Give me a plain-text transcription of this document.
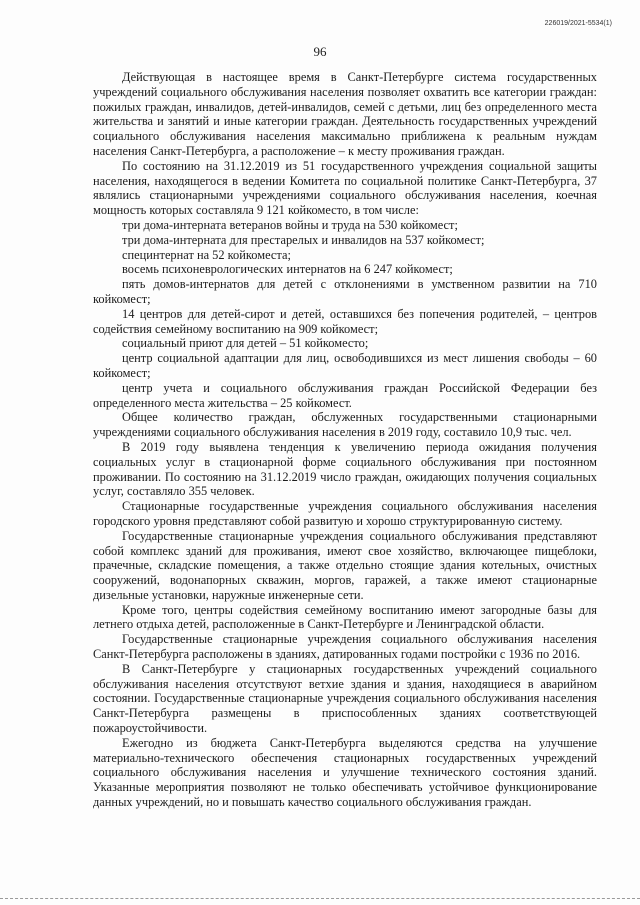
226019/2021-5534(1)
96

Действующая в настоящее время в Санкт-Петербурге система государственных учреждений социального обслуживания населения позволяет охватить все категории граждан: пожилых граждан, инвалидов, детей-инвалидов, семей с детьми, лиц без определенного места жительства и занятий и иные категории граждан. Деятельность государственных учреждений социального обслуживания населения максимально приближена к реальным нуждам населения Санкт-Петербурга, а расположение – к месту проживания граждан.

По состоянию на 31.12.2019 из 51 государственного учреждения социальной защиты населения, находящегося в ведении Комитета по социальной политике Санкт-Петербурга, 37 являлись стационарными учреждениями социального обслуживания населения, коечная мощность которых составляла 9 121 койкоместо, в том числе:

три дома-интерната ветеранов войны и труда на 530 койкомест;

три дома-интерната для престарелых и инвалидов на 537 койкомест;

специнтернат на 52 койкоместа;

восемь психоневрологических интернатов на 6 247 койкомест;

пять домов-интернатов для детей с отклонениями в умственном развитии на 710 койкомест;

14 центров для детей-сирот и детей, оставшихся без попечения родителей, – центров содействия семейному воспитанию на 909 койкомест;

социальный приют для детей – 51 койкоместо;

центр социальной адаптации для лиц, освободившихся из мест лишения свободы – 60 койкомест;

центр учета и социального обслуживания граждан Российской Федерации без определенного места жительства – 25 койкомест.

Общее количество граждан, обслуженных государственными стационарными учреждениями социального обслуживания населения в 2019 году, составило 10,9 тыс. чел.

В 2019 году выявлена тенденция к увеличению периода ожидания получения социальных услуг в стационарной форме социального обслуживания при постоянном проживании. По состоянию на 31.12.2019 число граждан, ожидающих получения социальных услуг, составляло 355 человек.

Стационарные государственные учреждения социального обслуживания населения городского уровня представляют собой развитую и хорошо структурированную систему.

Государственные стационарные учреждения социального обслуживания представляют собой комплекс зданий для проживания, имеют свое хозяйство, включающее пищеблоки, прачечные, складские помещения, а также отдельно стоящие здания котельных, очистных сооружений, водонапорных скважин, моргов, гаражей, а также имеют стационарные дизельные установки, наружные инженерные сети.

Кроме того, центры содействия семейному воспитанию имеют загородные базы для летнего отдыха детей, расположенные в Санкт-Петербурге и Ленинградской области.

Государственные стационарные учреждения социального обслуживания населения Санкт-Петербурга расположены в зданиях, датированных годами постройки с 1936 по 2016.

В Санкт-Петербурге у стационарных государственных учреждений социального обслуживания населения отсутствуют ветхие здания и здания, находящиеся в аварийном состоянии. Государственные стационарные учреждения социального обслуживания населения Санкт-Петербурга размещены в приспособленных зданиях соответствующей пожароустойчивости.

Ежегодно из бюджета Санкт-Петербурга выделяются средства на улучшение материально-технического обеспечения стационарных государственных учреждений социального обслуживания населения и улучшение технического состояния зданий. Указанные мероприятия позволяют не только обеспечивать устойчивое функционирование данных учреждений, но и повышать качество социального обслуживания граждан.
